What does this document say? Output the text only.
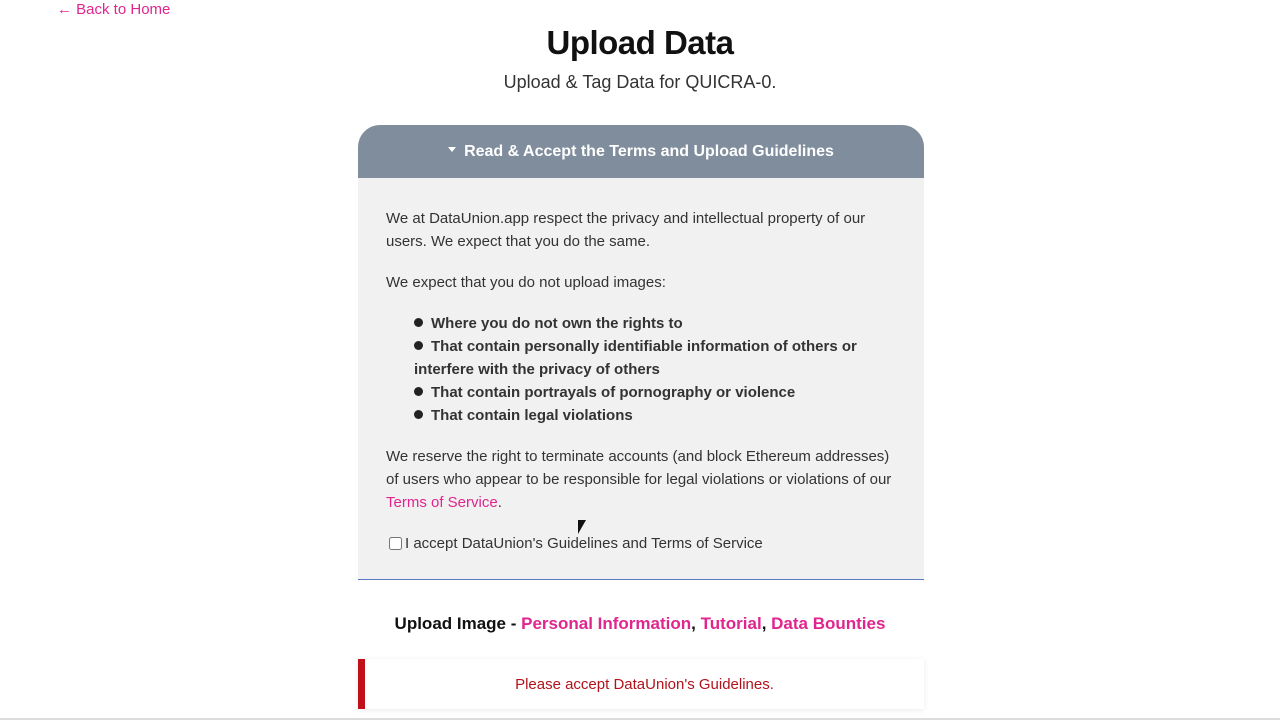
← Back to Home
Upload Data

Upload & Tag Data for QUICRA-0.

Read & Accept the Terms and Upload Guidelines

We at DataUnion.app respect the privacy and intellectual property of our users. We expect that you do the same.

We expect that you do not upload images:

Where you do not own the rights to
That contain personally identifiable information of others or interfere with the privacy of others
That contain portrayals of pornography or violence
That contain legal violations

We reserve the right to terminate accounts (and block Ethereum addresses) of users who appear to be responsible for legal violations or violations of our Terms of Service.

I accept DataUnion's Guidelines and Terms of Service
Upload Image - Personal Information, Tutorial, Data Bounties
Please accept DataUnion's Guidelines.
